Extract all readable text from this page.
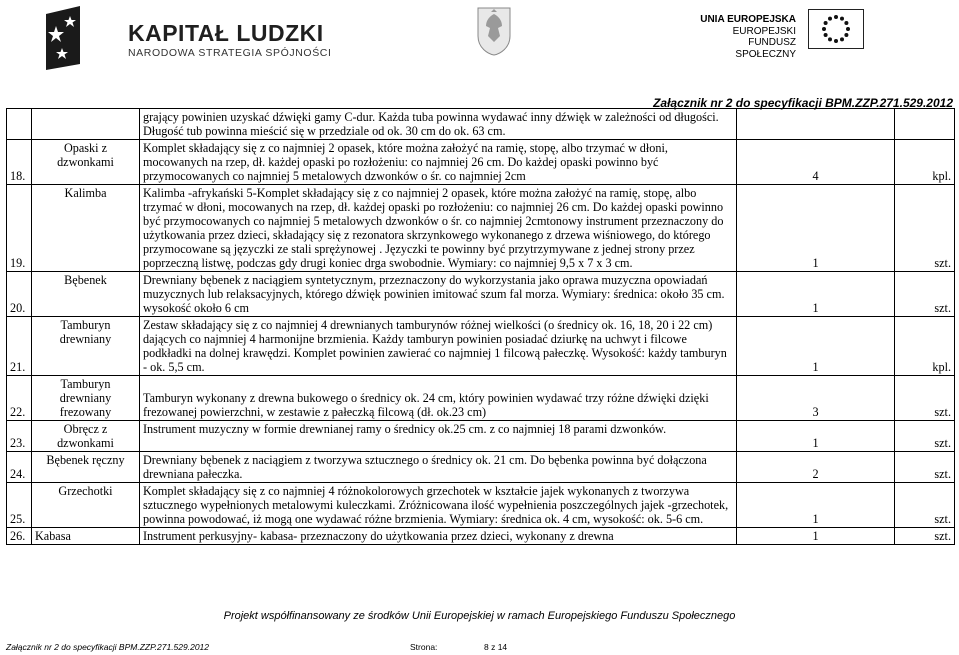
KAPITAŁ LUDZKI
NARODOWA STRATEGIA SPÓJNOŚCI
UNIA EUROPEJSKA
EUROPEJSKI
FUNDUSZ SPOŁECZNY
Załącznik nr 2 do specyfikacji BPM.ZZP.271.529.2012
		grający powinien uzyskać dźwięki gamy C-dur. Każda tuba powinna wydawać inny dźwięk w zależności od długości. Długość tub powinna mieścić się w przedziale od ok. 30 cm do ok. 63 cm.		
18.	Opaski z dzwonkami	Komplet składający się z co najmniej 2 opasek, które można założyć na ramię, stopę, albo trzymać w dłoni, mocowanych na rzep, dł. każdej opaski po rozłożeniu: co najmniej 26 cm. Do każdej opaski powinno być przymocowanych co najmniej 5 metalowych dzwonków o śr. co najmniej 2cm	4	kpl.
19.	Kalimba	Kalimba -afrykański 5-Komplet składający się z co najmniej 2 opasek, które można założyć na ramię, stopę, albo trzymać w dłoni, mocowanych na rzep, dł. każdej opaski po rozłożeniu: co najmniej 26 cm. Do każdej opaski powinno być przymocowanych co najmniej 5 metalowych dzwonków o śr. co najmniej 2cmtonowy instrument przeznaczony do użytkowania przez dzieci, składający się z rezonatora skrzynkowego wykonanego z drzewa wiśniowego, do którego przymocowane są języczki ze stali sprężynowej . Języczki te powinny być przytrzymywane z jednej strony przez poprzeczną listwę, podczas gdy drugi koniec drga swobodnie. Wymiary: co najmniej 9,5 x 7 x 3 cm.	1	szt.
20.	Bębenek	Drewniany bębenek z naciągiem syntetycznym, przeznaczony do wykorzystania jako oprawa muzyczna opowiadań muzycznych lub relaksacyjnych, którego dźwięk powinien imitować szum fal morza. Wymiary: średnica: około 35 cm. wysokość około 6 cm	1	szt.
21.	Tamburyn drewniany	Zestaw składający się z co najmniej 4 drewnianych tamburynów różnej wielkości (o średnicy ok. 16, 18, 20 i 22 cm) dających co najmniej 4 harmonijne brzmienia. Każdy tamburyn powinien posiadać dziurkę na uchwyt i filcowe podkładki na dolnej krawędzi. Komplet powinien zawierać co najmniej 1 filcową pałeczkę. Wysokość: każdy tamburyn - ok. 5,5 cm.	1	kpl.
22.	Tamburyn drewniany frezowany	Tamburyn wykonany z drewna bukowego o średnicy ok. 24 cm, który powinien wydawać trzy różne dźwięki dzięki frezowanej powierzchni, w zestawie z pałeczką filcową (dł. ok.23 cm)	3	szt.
23.	Obręcz z dzwonkami	Instrument muzyczny w formie drewnianej ramy o średnicy ok.25 cm. z co najmniej 18 parami dzwonków.	1	szt.
24.	Bębenek ręczny	Drewniany bębenek z naciągiem z tworzywa sztucznego o średnicy ok. 21 cm. Do bębenka powinna być dołączona drewniana pałeczka.	2	szt.
25.	Grzechotki	Komplet składający się z co najmniej 4 różnokolorowych grzechotek w kształcie jajek wykonanych z tworzywa sztucznego wypełnionych metalowymi kuleczkami. Zróżnicowana ilość wypełnienia poszczególnych jajek -grzechotek, powinna powodować, iż mogą one wydawać różne brzmienia. Wymiary: średnica ok. 4 cm, wysokość: ok. 5-6 cm.	1	szt.
26.	Kabasa	Instrument perkusyjny- kabasa- przeznaczony do użytkowania przez dzieci, wykonany z drewna	1	szt.
Projekt współfinansowany ze środków Unii Europejskiej w ramach Europejskiego Funduszu Społecznego
Załącznik nr 2 do specyfikacji BPM.ZZP.271.529.2012	Strona:	8 z 14
